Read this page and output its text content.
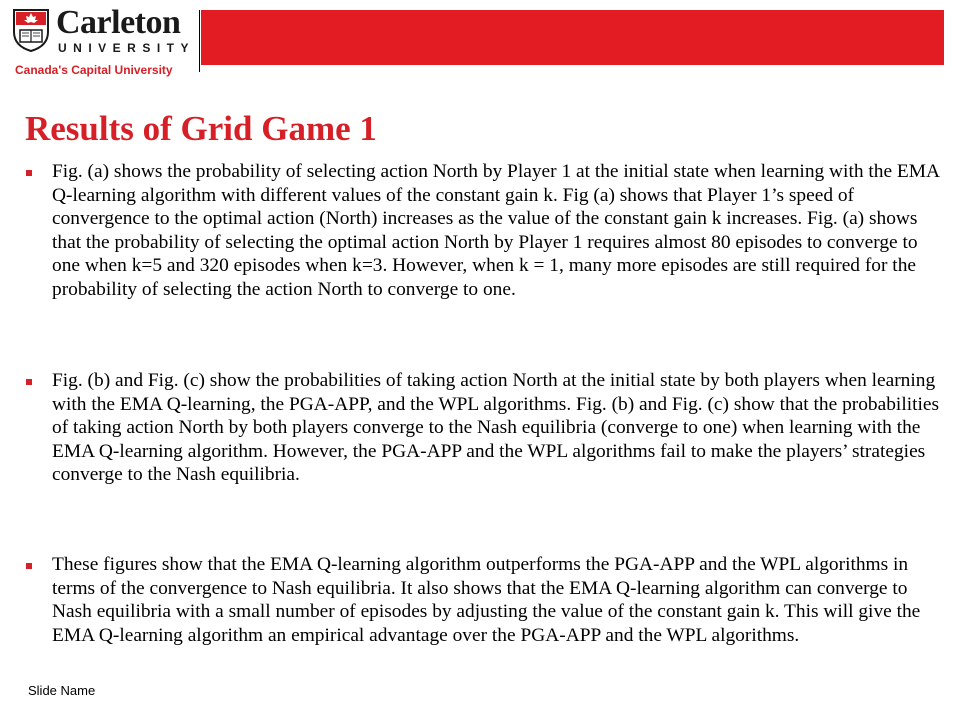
Carleton
UNIVERSITY
Canada's Capital University
Results of Grid Game 1

Fig. (a) shows the probability of selecting action North by Player 1 at the initial state when learning with the EMA Q-learning algorithm with different values of the constant gain k. Fig (a) shows that Player 1’s speed of convergence to the optimal action (North) increases as the value of the constant gain k increases. Fig. (a) shows that the probability of selecting the optimal action North by Player 1 requires almost 80 episodes to converge to one when k=5 and 320 episodes when k=3. However, when k = 1, many more episodes are still required for the probability of selecting the action North to converge to one.

Fig. (b) and Fig. (c) show the probabilities of taking action North at the initial state by both players when learning with the EMA Q-learning, the PGA-APP, and the WPL algorithms. Fig. (b) and Fig. (c) show that the probabilities of taking action North by both players converge to the Nash equilibria (converge to one) when learning with the EMA Q-learning algorithm. However, the PGA-APP and the WPL algorithms fail to make the players’ strategies converge to the Nash equilibria.

These figures show that the EMA Q-learning algorithm outperforms the PGA-APP and the WPL algorithms in terms of the convergence to Nash equilibria. It also shows that the EMA Q-learning algorithm can converge to Nash equilibria with a small number of episodes by adjusting the value of the constant gain k. This will give the EMA Q-learning algorithm an empirical advantage over the PGA-APP and the WPL algorithms.

Slide Name
